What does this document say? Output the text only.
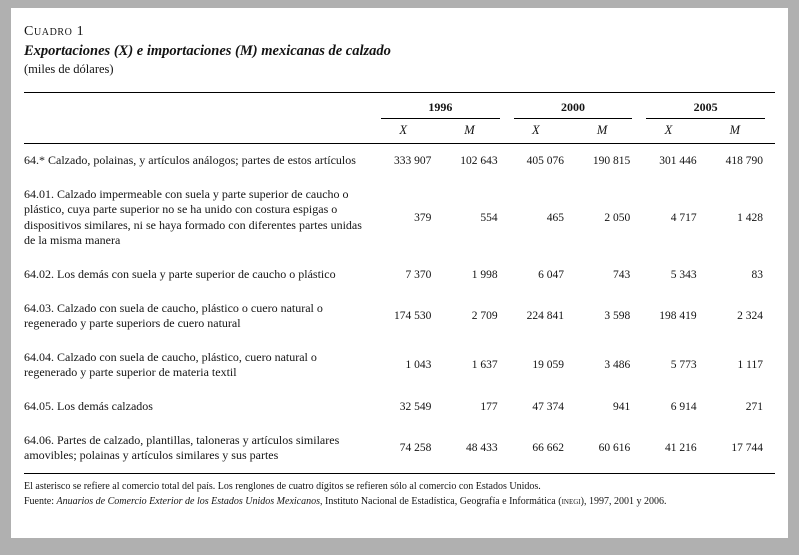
Cuadro 1
Exportaciones (X) e importaciones (M) mexicanas de calzado
(miles de dólares)

	1996		2000		2005	

	X	M	X	M	X	M
64.* Calzado, polainas, y artículos análogos; partes de estos artículos	333 907	102 643	405 076	190 815	301 446	418 790
64.01. Calzado impermeable con suela y parte superior de caucho o plástico, cuya parte superior no se ha unido con costura espigas o dispositivos similares, ni se haya formado con diferentes partes unidas de la misma manera	379	554	465	2 050	4 717	1 428
64.02. Los demás con suela y parte superior de caucho o plástico	7 370	1 998	6 047	743	5 343	83
64.03. Calzado con suela de caucho, plástico o cuero natural o regenerado y parte superiors de cuero natural	174 530	2 709	224 841	3 598	198 419	2 324
64.04. Calzado con suela de caucho, plástico, cuero natural o regenerado y parte superior de materia textil	1 043	1 637	19 059	3 486	5 773	1 117
64.05. Los demás calzados	32 549	177	47 374	941	6 914	271
64.06. Partes de calzado, plantillas, taloneras y artículos similares amovibles; polainas y artículos similares y sus partes	74 258	48 433	66 662	60 616	41 216	17 744
El asterisco se refiere al comercio total del país. Los renglones de cuatro dígitos se refieren sólo al comercio con Estados Unidos.
Fuente: Anuarios de Comercio Exterior de los Estados Unidos Mexicanos, Instituto Nacional de Estadística, Geografía e Informática (inegi), 1997, 2001 y 2006.
